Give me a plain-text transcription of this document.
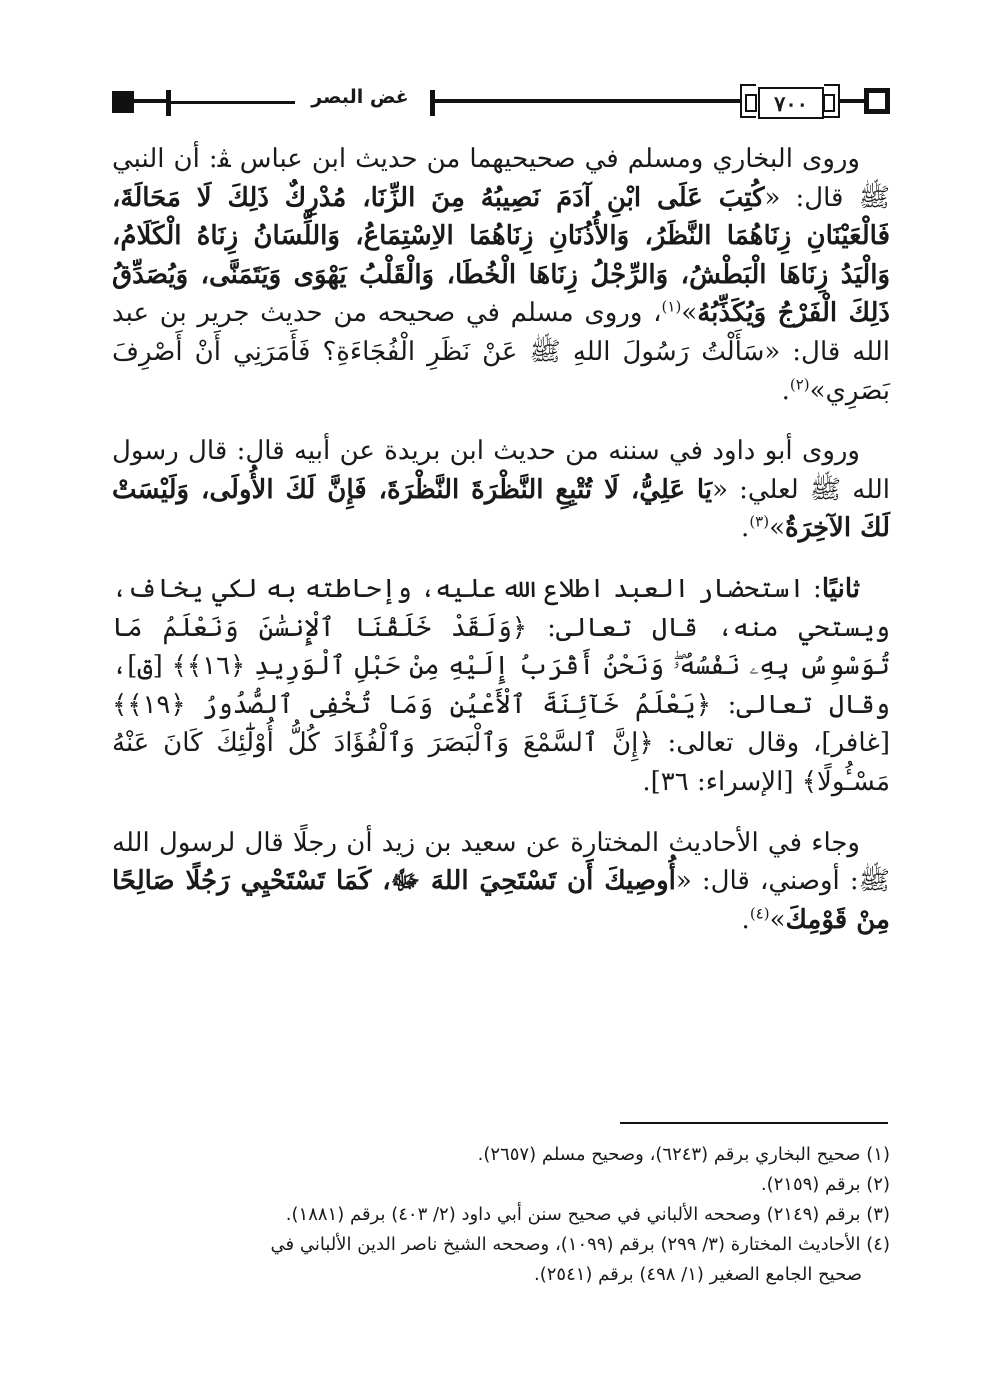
غض البصر	٧٠٠

وروى البخاري ومسلم في صحيحيهما من حديث ابن عباس ﭭ: أن النبي ﷺ قال: «كُتِبَ عَلَى ابْنِ آدَمَ نَصِيبُهُ مِنَ الزِّنَا، مُدْرِكٌ ذَلِكَ لَا مَحَالَةَ، فَالْعَيْنَانِ زِنَاهُمَا النَّظَرُ، وَالأُذُنَانِ زِنَاهُمَا الاِسْتِمَاعُ، وَاللِّسَانُ زِنَاهُ الْكَلَامُ، وَالْيَدُ زِنَاهَا الْبَطْشُ، وَالرِّجْلُ زِنَاهَا الْخُطَا، وَالْقَلْبُ يَهْوَى وَيَتَمَنَّى، وَيُصَدِّقُ ذَلِكَ الْفَرْجُ وَيُكَذِّبُهُ»$^{(١)}$، وروى مسلم في صحيحه من حديث جرير بن عبد الله قال: «سَأَلْتُ رَسُولَ اللهِ ﷺ عَنْ نَظَرِ الْفُجَاءَةِ؟ فَأَمَرَنِي أَنْ أَصْرِفَ بَصَرِي»$^{(٢)}$.

وروى أبو داود في سننه من حديث ابن بريدة عن أبيه قال: قال رسول الله ﷺ لعلي: «يَا عَلِيُّ، لَا تُتْبِعِ النَّظْرَةَ النَّظْرَةَ، فَإِنَّ لَكَ الأُولَى، وَلَيْسَتْ لَكَ الآخِرَةُ»$^{(٣)}$.

ثانيًا: استحضار العبد اطلاع الله عليه، وإحاطته به لكي يخاف، ويستحي منه، قال تعالى: ﴿وَلَقَدْ خَلَقْنَا ٱلْإِنسَٰنَ وَنَعْلَمُ مَا تُوَسْوِسُ بِهِۦ نَفْسُهُۥۖ وَنَحْنُ أَقْرَبُ إِلَيْهِ مِنْ حَبْلِ ٱلْوَرِيدِ ﴿١٦﴾﴾ [ق]، وقال تعالى: ﴿يَعْلَمُ خَآئِنَةَ ٱلْأَعْيُنِ وَمَا تُخْفِى ٱلصُّدُورُ ﴿١٩﴾﴾ [غافر]، وقال تعالى: ﴿إِنَّ ٱلسَّمْعَ وَٱلْبَصَرَ وَٱلْفُؤَادَ كُلُّ أُوْلَٰٓئِكَ كَانَ عَنْهُ مَسْـُٔولًا﴾ [الإسراء: ٣٦].

وجاء في الأحاديث المختارة عن سعيد بن زيد أن رجلًا قال لرسول الله ﷺ: أوصني، قال: «أُوصِيكَ أَن تَسْتَحِيَ اللهَ ﷻ، كَمَا تَسْتَحْيِي رَجُلًا صَالِحًا مِنْ قَوْمِكَ»$^{(٤)}$.

(١) صحيح البخاري برقم (٦٢٤٣)، وصحيح مسلم (٢٦٥٧).

(٢) برقم (٢١٥٩).

(٣) برقم (٢١٤٩) وصححه الألباني في صحيح سنن أبي داود (٢/ ٤٠٣) برقم (١٨٨١).

(٤) الأحاديث المختارة (٣/ ٢٩٩) برقم (١٠٩٩)، وصححه الشيخ ناصر الدين الألباني في

صحيح الجامع الصغير (١/ ٤٩٨) برقم (٢٥٤١).
